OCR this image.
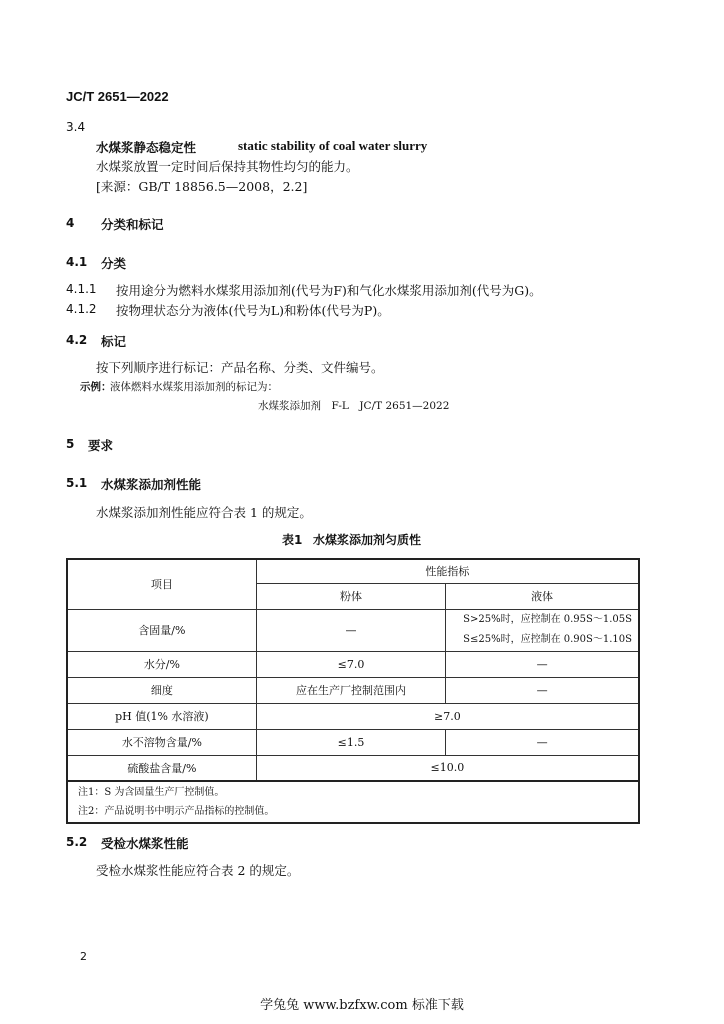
JC/T 2651—2022
3.4
水煤浆静态稳定性	static stability of coal water slurry
水煤浆放置一定时间后保持其物性均匀的能力。
[来源：GB/T 18856.5—2008，2.2]
4 分类和标记
4.1 分类
4.1.1 按用途分为燃料水煤浆用添加剂(代号为F)和气化水煤浆用添加剂(代号为G)。
4.1.2 按物理状态分为液体(代号为L)和粉体(代号为P)。
4.2 标记
按下列顺序进行标记：产品名称、分类、文件编号。
示例：
液体燃料水煤浆用添加剂的标记为：
水煤浆添加剂　F-L　JC/T 2651—2022
5 要求
5.1 水煤浆添加剂性能
水煤浆添加剂性能应符合表 1 的规定。
表1 水煤浆添加剂匀质性
项目	性能指标	
	粉体	液体
含固量/%	—	S>25%时，应控制在 0.95S～1.05S
S≤25%时，应控制在 0.90S～1.10S

水分/%	≤7.0	—
细度	应在生产厂控制范围内	—
pH 值(1% 水溶液)	≥7.0	
水不溶物含量/%	≤1.5	—
硫酸盐含量/%	≤10.0	

注1：S 为含固量生产厂控制值。
注2：产品说明书中明示产品指标的控制值。		
5.2 受检水煤浆性能
受检水煤浆性能应符合表 2 的规定。
2
学兔兔 www.bzfxw.com 标准下载
